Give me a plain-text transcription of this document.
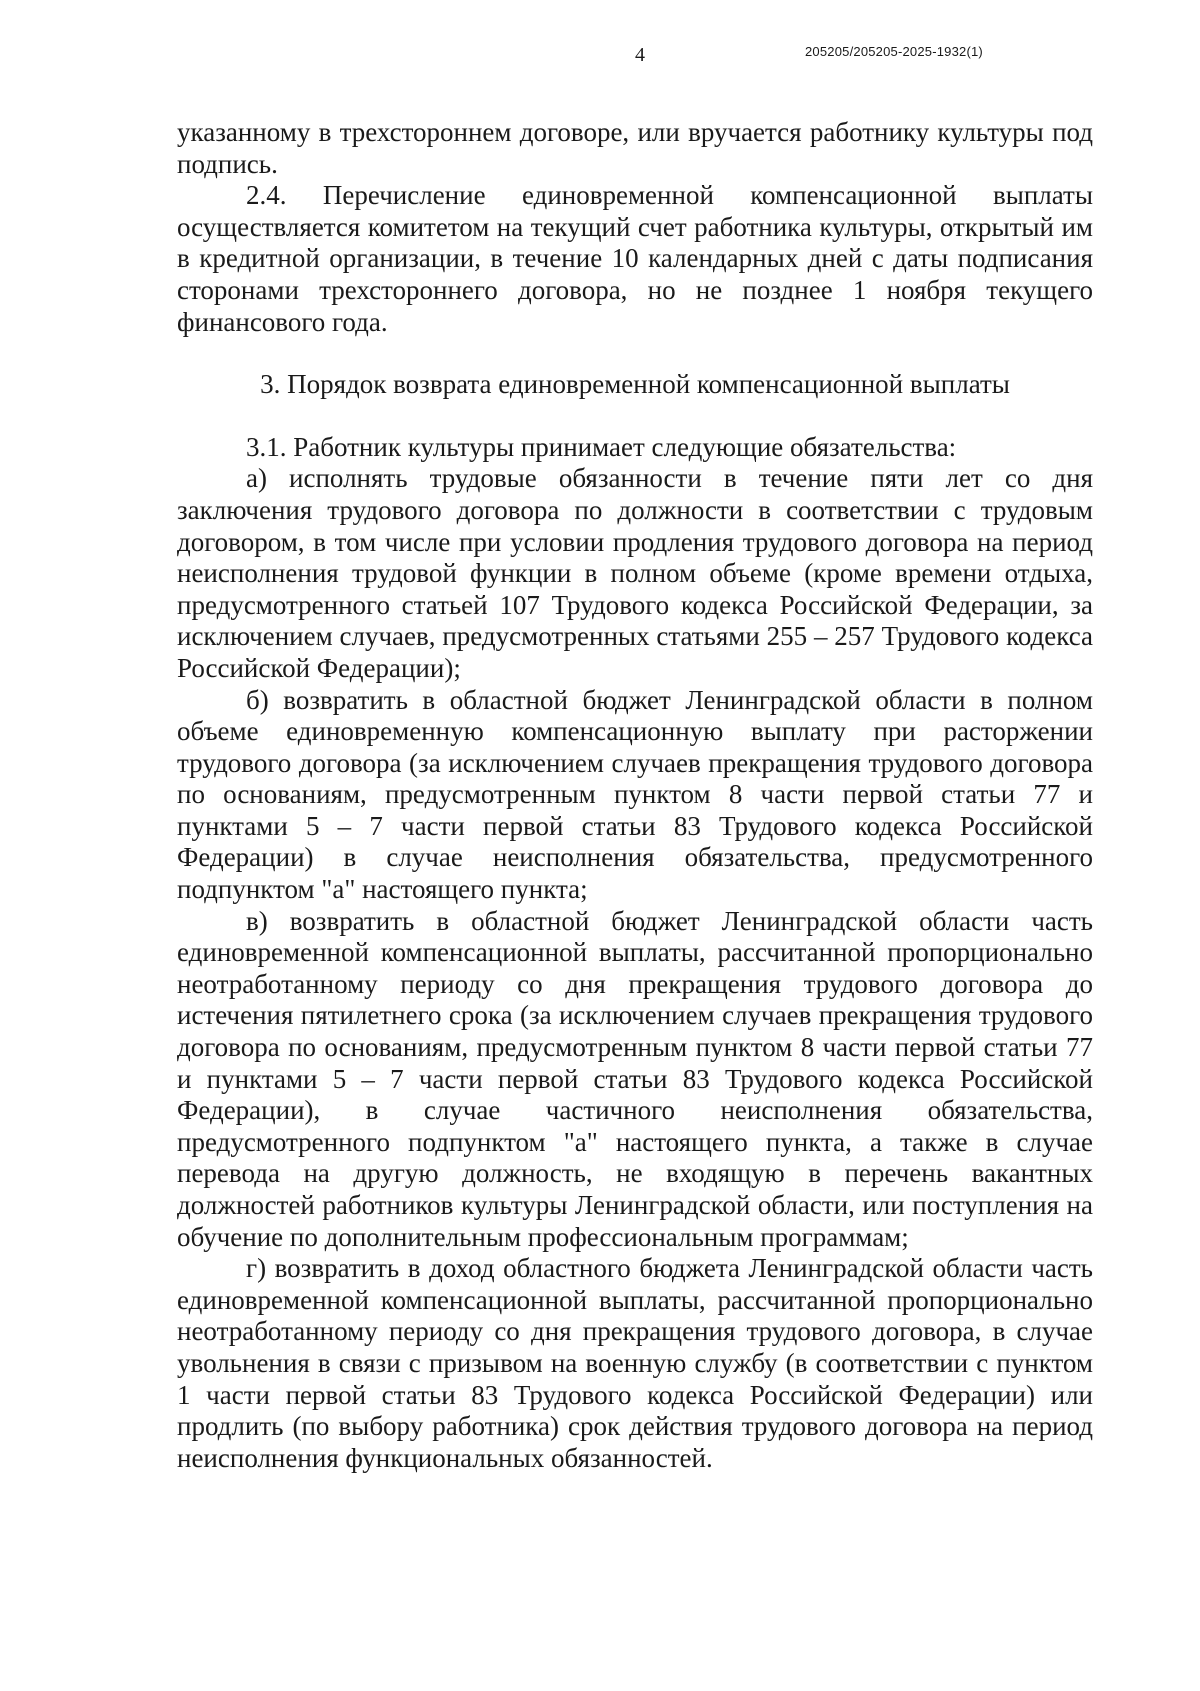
4	205205/205205-2025-1932(1)

указанному в трехстороннем договоре, или вручается работнику культуры под подпись.

2.4. Перечисление единовременной компенсационной выплаты осуществляется комитетом на текущий счет работника культуры, открытый им в кредитной организации, в течение 10 календарных дней с даты подписания сторонами трехстороннего договора, но не позднее 1 ноября текущего финансового года.

3. Порядок возврата единовременной компенсационной выплаты

3.1. Работник культуры принимает следующие обязательства:

а) исполнять трудовые обязанности в течение пяти лет со дня заключения трудового договора по должности в соответствии с трудовым договором, в том числе при условии продления трудового договора на период неисполнения трудовой функции в полном объеме (кроме времени отдыха, предусмотренного статьей 107 Трудового кодекса Российской Федерации, за исключением случаев, предусмотренных статьями 255 – 257 Трудового кодекса Российской Федерации);

б) возвратить в областной бюджет Ленинградской области в полном объеме единовременную компенсационную выплату при расторжении трудового договора (за исключением случаев прекращения трудового договора по основаниям, предусмотренным пунктом 8 части первой статьи 77 и пунктами 5 – 7 части первой статьи 83 Трудового кодекса Российской Федерации) в случае неисполнения обязательства, предусмотренного подпунктом "а" настоящего пункта;

в) возвратить в областной бюджет Ленинградской области часть единовременной компенсационной выплаты, рассчитанной пропорционально неотработанному периоду со дня прекращения трудового договора до истечения пятилетнего срока (за исключением случаев прекращения трудового договора по основаниям, предусмотренным пунктом 8 части первой статьи 77 и пунктами 5 – 7 части первой статьи 83 Трудового кодекса Российской Федерации), в случае частичного неисполнения обязательства, предусмотренного подпунктом "а" настоящего пункта, а также в случае перевода на другую должность, не входящую в перечень вакантных должностей работников культуры Ленинградской области, или поступления на обучение по дополнительным профессиональным программам;

г) возвратить в доход областного бюджета Ленинградской области часть единовременной компенсационной выплаты, рассчитанной пропорционально неотработанному периоду со дня прекращения трудового договора, в случае увольнения в связи с призывом на военную службу (в соответствии с пунктом 1 части первой статьи 83 Трудового кодекса Российской Федерации) или продлить (по выбору работника) срок действия трудового договора на период неисполнения функциональных обязанностей.
